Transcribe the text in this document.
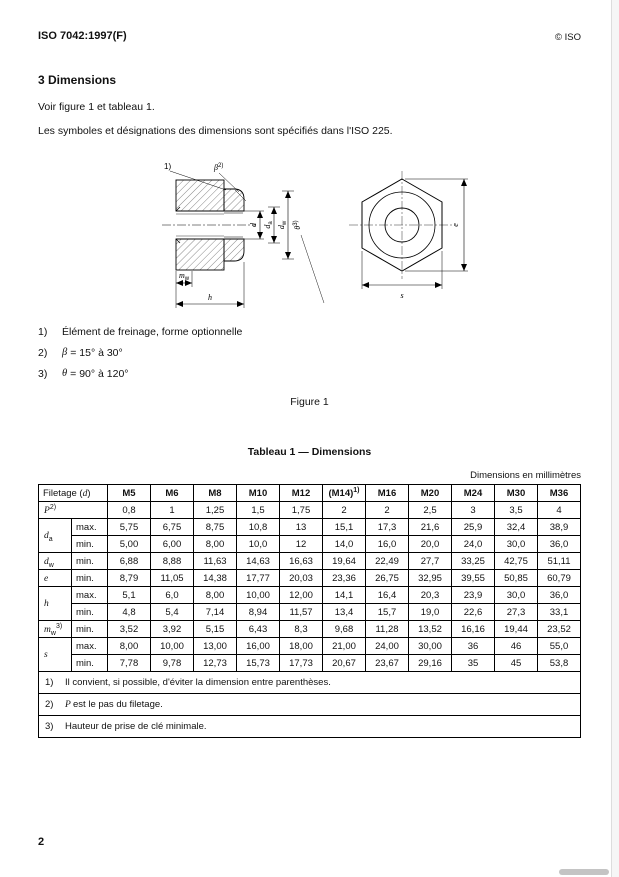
ISO 7042:1997(F)	© ISO
3 Dimensions

Voir figure 1 et tableau 1.

Les symboles et désignations des dimensions sont spécifiés dans l'ISO 225.

1)	$\beta^{2)}$
d $d_a$
$d_w$
$\theta^{3)}$
$m_w$
h
e
s
1)	Élément de freinage, forme optionnelle
2)	β = 15° à 30°
3)	θ = 90° à 120°
Figure 1
Tableau 1 — Dimensions
Dimensions en millimètres
Filetage (d)		M5	M6	M8	M10	M12	$(M14)^{1)}$	M16	M20	M24	M30	M36
$P^{2)}$		0,8	1	1,25	1,5	1,75	2	2	2,5	3	3,5	4
$d_a$	max.	5,75	6,75	8,75	10,8	13	15,1	17,3	21,6	25,9	32,4	38,9
	min.	5,00	6,00	8,00	10,0	12	14,0	16,0	20,0	24,0	30,0	36,0
$d_w$	min.	6,88	8,88	11,63	14,63	16,63	19,64	22,49	27,7	33,25	42,75	51,11
e	min.	8,79	11,05	14,38	17,77	20,03	23,36	26,75	32,95	39,55	50,85	60,79
h	max.	5,1	6,0	8,00	10,00	12,00	14,1	16,4	20,3	23,9	30,0	36,0
	min.	4,8	5,4	7,14	8,94	11,57	13,4	15,7	19,0	22,6	27,3	33,1
$m_w^{3)}$	min.	3,52	3,92	5,15	6,43	8,3	9,68	11,28	13,52	16,16	19,44	23,52
s	max.	8,00	10,00	13,00	16,00	18,00	21,00	24,00	30,00	36	46	55,0
	min.	7,78	9,78	12,73	15,73	17,73	20,67	23,67	29,16	35	45	53,8
1) Il convient, si possible, d'éviter la dimension entre parenthèses.												
2) P est le pas du filetage.												
3) Hauteur de prise de clé minimale.												
2
